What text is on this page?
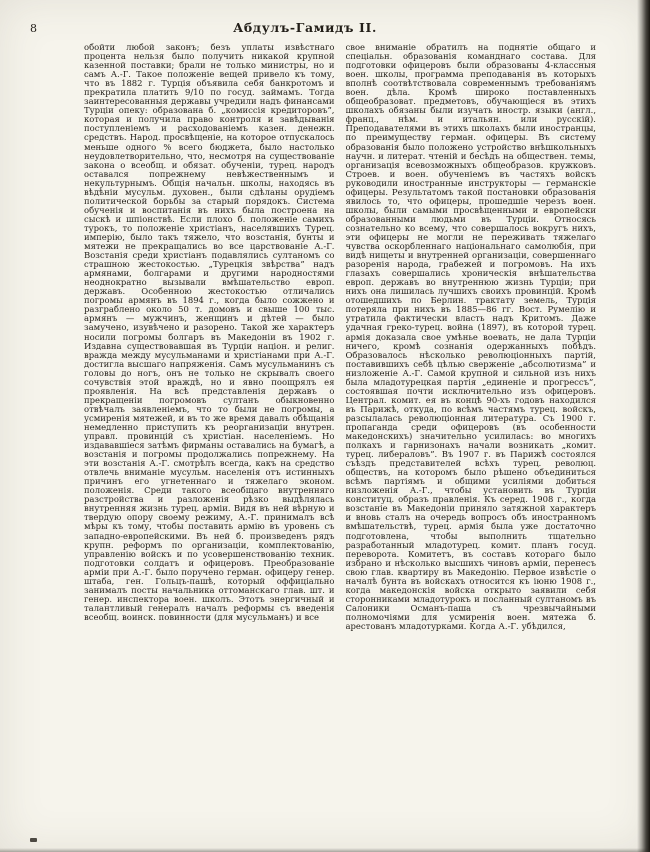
8	Абдулъ-Гамидъ II.
обойти любой законъ; безъ уплаты извѣстнаго процента нельзя было получить никакой крупной казенной поставки; брали не только министры, но и самъ А.-Г. Такое положеніе вещей привело къ тому, что въ 1882 г. Турція объявила себя банкротомъ и прекратила платить 9/10 по госуд. займамъ. Тогда заинтересованныя державы учредили надъ финансами Турціи опеку: образована б. „комиссія кредиторовъ”, которая и получила право контроля и завѣдыванія поступленіемъ и расходованіемъ казен. денежн. средствъ. Народ. просвѣщеніе, на которое отпускалось меньше одного % всего бюджета, было настолько неудовлетворительно, что, несмотря на существованіе закона о всеобщ. и обязат. обученіи, турец. народъ оставался попрежнему невѣжественнымъ и некультурнымъ. Общія начальн. школы, находясь въ вѣдѣніи мусульм. духовен., были сдѣланы орудіемъ политической борьбы за старый порядокъ. Система обученія и воспитанія въ нихъ была построена на сыскѣ и шпіонствѣ. Если плохо б. положеніе самихъ турокъ, то положеніе христіанъ, населявшихъ Турец. имперію, было такъ тяжело, что возстанія, бунты и мятежи не прекращались во все царствованіе А.-Г. Возстанія среди христіанъ подавлялись султаномъ со страшною жестокостью. „Турецкія звѣрства” надъ армянами, болгарами и другими народностями неоднократно вызывали вмѣшательство европ. державъ. Особенною жестокостью отличались погромы армянъ въ 1894 г., когда было сожжено и разграблено около 50 т. домовъ и свыше 100 тыс. армянъ — мужчинъ, женщинъ и дѣтей — было замучено, изувѣчено и разорено. Такой же характеръ носили погромы болгаръ въ Македоніи въ 1902 г. Издавна существовавшая въ Турціи націон. и религ. вражда между мусульманами и христіанами при А.-Г. достигла высшаго напряженія. Самъ мусульманинъ съ головы до ногъ, онъ не только не скрывалъ своего сочувствія этой враждѣ, но и явно поощрялъ ея проявленія. На всѣ представленія державъ о прекращеніи погромовъ султанъ обыкновенно отвѣчалъ заявленіемъ, что то были не погромы, а усмиренія мятежей, и въ то же время давалъ обѣщанія немедленно приступить къ реорганизаціи внутрен. управл. провинцій съ христіан. населеніемъ. Но издававшіеся затѣмъ фирманы оставались на бумагѣ, а возстанія и погромы продолжались попрежнему. На эти возстанія А.-Г. смотрѣлъ всегда, какъ на средство отвлечь вниманіе мусульм. населенія отъ истинныхъ причинъ его угнетеннаго и тяжелаго эконом. положенія. Среди такого всеобщаго внутренняго разстройства и разложенія рѣзко выдѣлялась внутренняя жизнь турец. арміи. Видя въ ней вѣрную и твердую опору своему режиму, А.-Г. принималъ всѣ мѣры къ тому, чтобы поставить армію въ уровень съ западно-европейскими. Въ ней б. произведенъ рядъ крупн. реформъ по организаціи, комплектованію, управленію войскъ и по усовершенствованію техник. подготовки солдатъ и офицеровъ. Преобразованіе арміи при А.-Г. было поручено герман. офицеру генер. штаба, ген. Гольцъ-пашѣ, который оффиціально занималъ посты начальника оттоманскаго глав. шт. и генер. инспектора воен. школъ. Этотъ энергичный и талантливый генералъ началъ реформы съ введенія всеобщ. воинск. повинности (для мусульманъ) и все
свое вниманіе обратилъ на поднятіе общаго и спеціальн. образованія команднаго состава. Для подготовки офицеровъ были образованы 4-классныя воен. школы, программа преподаванія въ которыхъ вполнѣ соотвѣтствовала современнымъ требованіямъ воен. дѣла. Кромѣ широко поставленныхъ общеобразоват. предметовъ, обучающіеся въ этихъ школахъ обязаны были изучать иностр. языки (англ., франц., нѣм. и итальян. или русскій). Преподавателями въ этихъ школахъ были иностранцы, по преимуществу герман. офицеры. Въ систему образованія было положено устройство внѣшкольныхъ научн. и литерат. чтеній и бесѣдъ на обществен. темы, организація всевозможныхъ общеобразов. кружковъ. Строев. и воен. обученіемъ въ частяхъ войскъ руководили иностранные инструкторы — германскіе офицеры. Результатомъ такой постановки образованія явилось то, что офицеры, прошедшіе черезъ воен. школы, были самыми просвѣщенными и европейски образованными людьми въ Турціи. Относясь сознательно ко всему, что совершалось вокругъ нихъ, эти офицеры не могли не переживать тяжелаго чувства оскорбленнаго національнаго самолюбія, при видѣ нищеты и внутренней организаціи, совершеннаго разоренія народа, грабежей и погромовъ. На ихъ глазахъ совершались хроническія внѣшательства европ. державъ во внутреннюю жизнь Турціи; при нихъ она лишилась лучшихъ своихъ провинцій. Кромѣ отошедшихъ по Берлин. трактату земель, Турція потеряла при нихъ въ 1885—86 гг. Вост. Румелію и утратила фактически власть надъ Критомъ. Даже удачная греко-турец. война (1897), въ которой турец. армія доказала свое умѣнье воевать, не дала Турціи ничего, кромѣ сознанія одержанныхъ побѣдъ. Образовалось нѣсколько революціонныхъ партій, поставившихъ себѣ цѣлью сверженіе „абсолютизма” и низложеніе А.-Г. Самой крупной и сильной изъ нихъ была младотурецкая партія „единеніе и прогрессъ”, состоявшая почти исключительно изъ офицеровъ. Централ. комит. ея въ концѣ 90-хъ годовъ находился въ Парижѣ, откуда, по всѣмъ частямъ турец. войскъ, разсылалась революціонная литература. Съ 1900 г. пропаганда среди офицеровъ (въ особенности македонскихъ) значительно усилилась: во многихъ полкахъ и гарнизонахъ начали возникать „комит. турец. либераловъ”. Въ 1907 г. въ Парижѣ состоялся съѣздъ представителей всѣхъ турец. революц. обществъ, на которомъ было рѣшено объединиться всѣмъ партіямъ и общими усиліями добиться низложенія А.-Г., чтобы установить въ Турціи конституц. образъ правленія. Къ серед. 1908 г., когда возстаніе въ Македоніи приняло затяжной характеръ и вновь сталъ на очередь вопросъ объ иностранномъ вмѣшательствѣ, турец. армія была уже достаточно подготовлена, чтобы выполнить тщательно разработанный младотурец. комит. планъ госуд. переворота. Комитетъ, въ составъ котораго было избрано и нѣсколько высшихъ чиновъ арміи, перенесъ свою глав. квартиру въ Македонію. Первое извѣстіе о началѣ бунта въ войскахъ относится къ іюню 1908 г., когда македонскія войска открыто заявили себя сторонниками младотурокъ и посланный султаномъ въ Салоники Османъ-паша съ чрезвычайными полномочіями для усмиренія воен. мятежа б. арестованъ младотурками. Когда А.-Г. убѣдился,
